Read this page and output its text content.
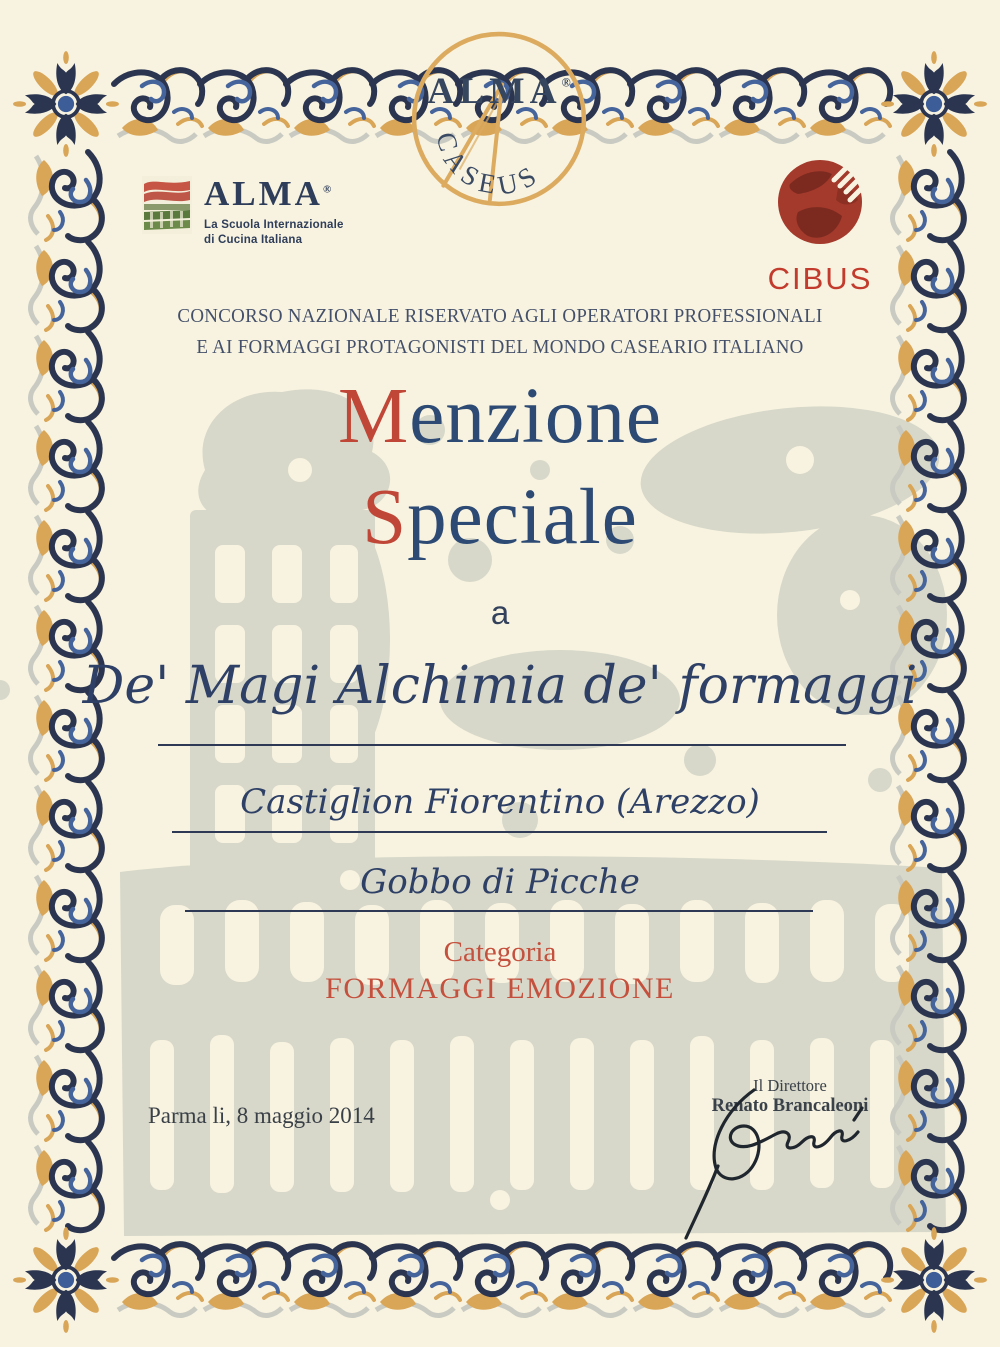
ALMA®
CASEUS
ALMA®
La Scuola Internazionale
di Cucina Italiana
CIBUS
CONCORSO NAZIONALE RISERVATO AGLI OPERATORI PROFESSIONALI
E AI FORMAGGI PROTAGONISTI DEL MONDO CASEARIO ITALIANO
Menzione
Speciale
a
De' Magi Alchimia de' formaggi
Castiglion Fiorentino (Arezzo)
Gobbo di Picche
Categoria
FORMAGGI EMOZIONE
Parma li, 8 maggio 2014
Il Direttore
Renato Brancaleoni
